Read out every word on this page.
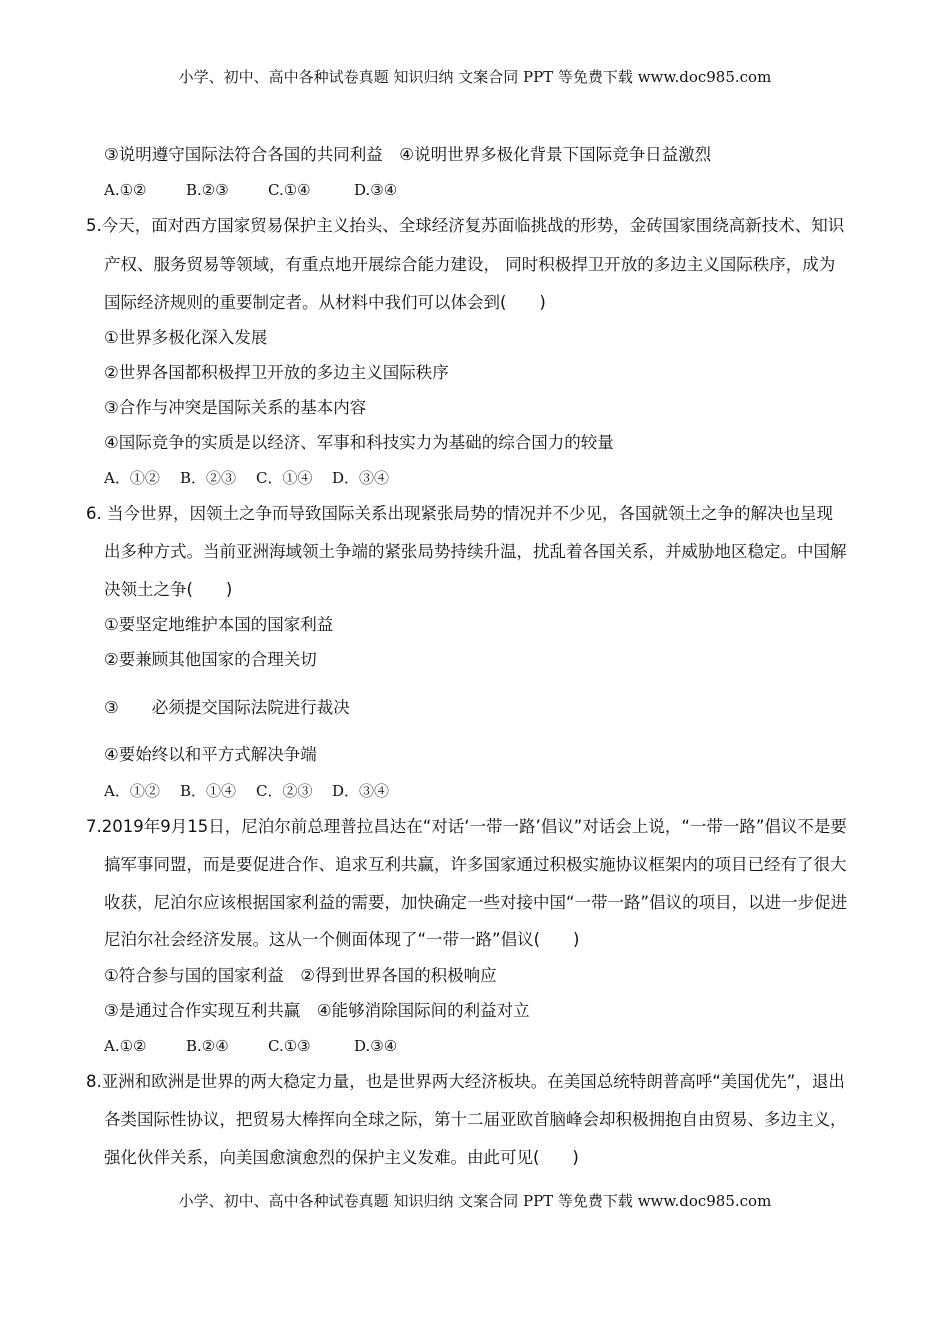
小学、初中、高中各种试卷真题 知识归纳 文案合同 PPT 等免费下载 www.doc985.com
③说明遵守国际法符合各国的共同利益　④说明世界多极化背景下国际竞争日益激烈
A.①②	B.②③	C.①④	D.③④
5.今天，面对西方国家贸易保护主义抬头、全球经济复苏面临挑战的形势，金砖国家围绕高新技术、知识
产权、服务贸易等领域，有重点地开展综合能力建设， 同时积极捍卫开放的多边主义国际秩序，成为
国际经济规则的重要制定者。从材料中我们可以体会到(　　)
①世界多极化深入发展
②世界各国都积极捍卫开放的多边主义国际秩序
③合作与冲突是国际关系的基本内容
④国际竞争的实质是以经济、军事和科技实力为基础的综合国力的较量
A．①② B．②③ C．①④ D．③④
6. 当今世界，因领土之争而导致国际关系出现紧张局势的情况并不少见，各国就领土之争的解决也呈现
出多种方式。当前亚洲海域领土争端的紧张局势持续升温，扰乱着各国关系，并威胁地区稳定。中国解
决领土之争(　　)
①要坚定地维护本国的国家利益
②要兼顾其他国家的合理关切
③　　必须提交国际法院进行裁决
④要始终以和平方式解决争端
A．①② B．①④ C．②③ D．③④
7.2019年9月15日，尼泊尔前总理普拉昌达在“对话‘一带一路’倡议”对话会上说，“一带一路”倡议不是要
搞军事同盟，而是要促进合作、追求互利共赢，许多国家通过积极实施协议框架内的项目已经有了很大
收获，尼泊尔应该根据国家利益的需要，加快确定一些对接中国“一带一路”倡议的项目，以进一步促进
尼泊尔社会经济发展。这从一个侧面体现了“一带一路”倡议(　　)
①符合参与国的国家利益　②得到世界各国的积极响应
③是通过合作实现互利共赢　④能够消除国际间的利益对立
A.①②	B.②④	C.①③	D.③④
8.亚洲和欧洲是世界的两大稳定力量，也是世界两大经济板块。在美国总统特朗普高呼“美国优先”，退出
各类国际性协议，把贸易大棒挥向全球之际，第十二届亚欧首脑峰会却积极拥抱自由贸易、多边主义，
强化伙伴关系，向美国愈演愈烈的保护主义发难。由此可见(　　)
小学、初中、高中各种试卷真题 知识归纳 文案合同 PPT 等免费下载 www.doc985.com
